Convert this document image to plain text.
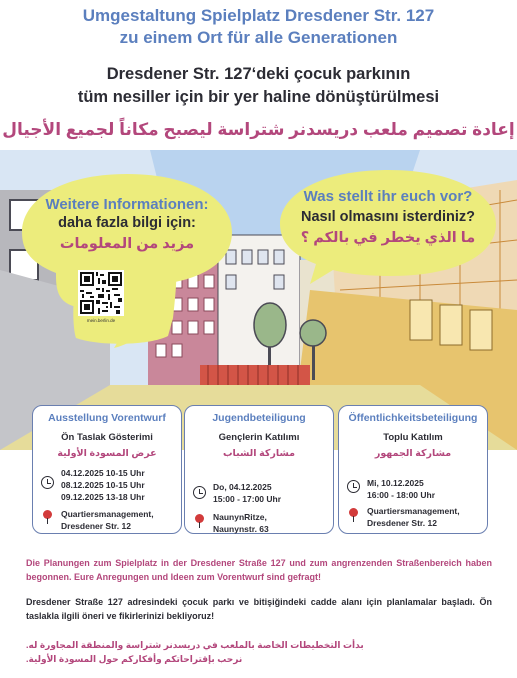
Umgestaltung Spielplatz Dresdener Str. 127
zu einem Ort für alle Generationen
Dresdener Str. 127‘deki çocuk parkının
tüm nesiller için bir yer haline dönüştürülmesi
إعادة تصميم ملعب دريسدنر شتراسة ليصبح مكاناً لجميع الأجيال
Weitere Informationen:
daha fazla bilgi için:
مزيد من المعلومات
mein.berlin.de
Was stellt ihr euch vor?
Nasıl olmasını isterdiniz?
ما الذي يخطر في بالكم ؟
Ausstellung Vorentwurf
Ön Taslak Gösterimi
عرض المسودة الأولية
04.12.2025 10-15 Uhr
08.12.2025 10-15 Uhr
09.12.2025 13-18 Uhr
Quartiersmanagement,
Dresdener Str. 12
Jugendbeteiligung
Gençlerin Katılımı
مشاركة الشباب
Do, 04.12.2025
15:00 - 17:00 Uhr
NaunynRitze,
Naunynstr. 63
Öffentlichkeitsbeteiligung
Toplu Katılım
مشاركة الجمهور
Mi, 10.12.2025
16:00 - 18:00 Uhr
Quartiersmanagement,
Dresdener Str. 12
Die Planungen zum Spielplatz in der Dresdener Straße 127 und zum angrenzenden Straßenbereich haben begonnen. Eure Anregungen und Ideen zum Vorentwurf sind gefragt!
Dresdener Straße 127 adresindeki çocuk parkı ve bitişiğindeki cadde alanı için planlamalar başladı. Ön taslakla ilgili öneri ve fikirlerinizi bekliyoruz!
بدأت التخطيطات الخاصة بالملعب في دريسدنر شتراسة والمنطقة المجاورة له.
نرحب بإقتراحاتكم وأفكاركم حول المسودة الأولية.
